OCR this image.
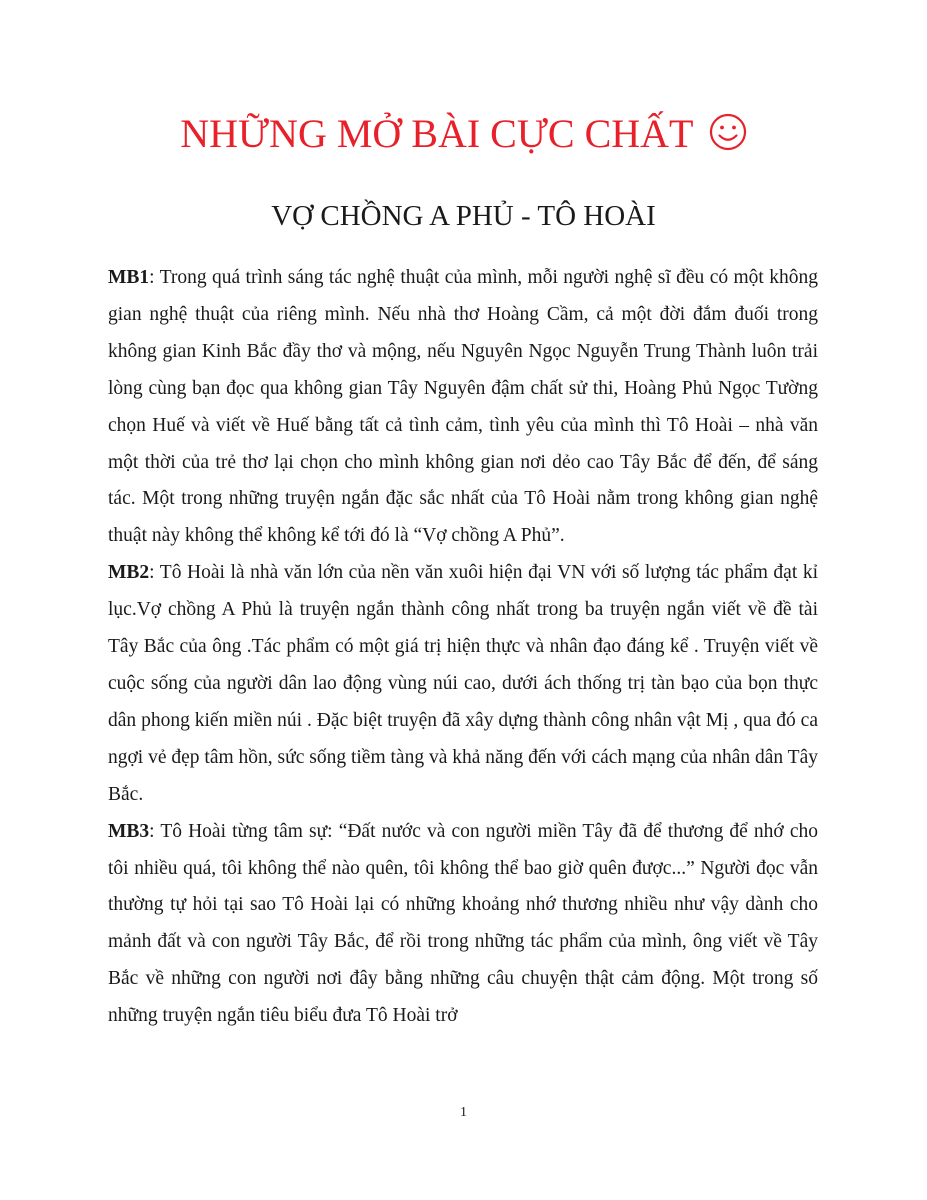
NHỮNG MỞ BÀI CỰC CHẤT
VỢ CHỒNG A PHỦ - TÔ HOÀI

MB1: Trong quá trình sáng tác nghệ thuật của mình, mỗi người nghệ sĩ đều có một không gian nghệ thuật của riêng mình. Nếu nhà thơ Hoàng Cầm, cả một đời đắm đuối trong không gian Kinh Bắc đầy thơ và mộng, nếu Nguyên Ngọc Nguyễn Trung Thành luôn trải lòng cùng bạn đọc qua không gian Tây Nguyên đậm chất sử thi, Hoàng Phủ Ngọc Tường chọn Huế và viết về Huế bằng tất cả tình cảm, tình yêu của mình thì Tô Hoài – nhà văn một thời của trẻ thơ lại chọn cho mình không gian nơi dẻo cao Tây Bắc để đến, để sáng tác. Một trong những truyện ngắn đặc sắc nhất của Tô Hoài nằm trong không gian nghệ thuật này không thể không kể tới đó là “Vợ chồng A Phủ”.

MB2: Tô Hoài là nhà văn lớn của nền văn xuôi hiện đại VN với số lượng tác phẩm đạt kỉ lục.Vợ chồng A Phủ là truyện ngắn thành công nhất trong ba truyện ngắn viết về đề tài Tây Bắc của ông .Tác phẩm có một giá trị hiện thực và nhân đạo đáng kể . Truyện viết về cuộc sống của người dân lao động vùng núi cao, dưới ách thống trị tàn bạo của bọn thực dân phong kiến miền núi . Đặc biệt truyện đã xây dựng thành công nhân vật Mị , qua đó ca ngợi vẻ đẹp tâm hồn, sức sống tiềm tàng và khả năng đến với cách mạng của nhân dân Tây Bắc.

MB3: Tô Hoài từng tâm sự: “Đất nước và con người miền Tây đã để thương để nhớ cho tôi nhiều quá, tôi không thể nào quên, tôi không thể bao giờ quên được...” Người đọc vẫn thường tự hỏi tại sao Tô Hoài lại có những khoảng nhớ thương nhiều như vậy dành cho mảnh đất và con người Tây Bắc, để rồi trong những tác phẩm của mình, ông viết về Tây Bắc về những con người nơi đây bằng những câu chuyện thật cảm động. Một trong số những truyện ngắn tiêu biểu đưa Tô Hoài trở

1
